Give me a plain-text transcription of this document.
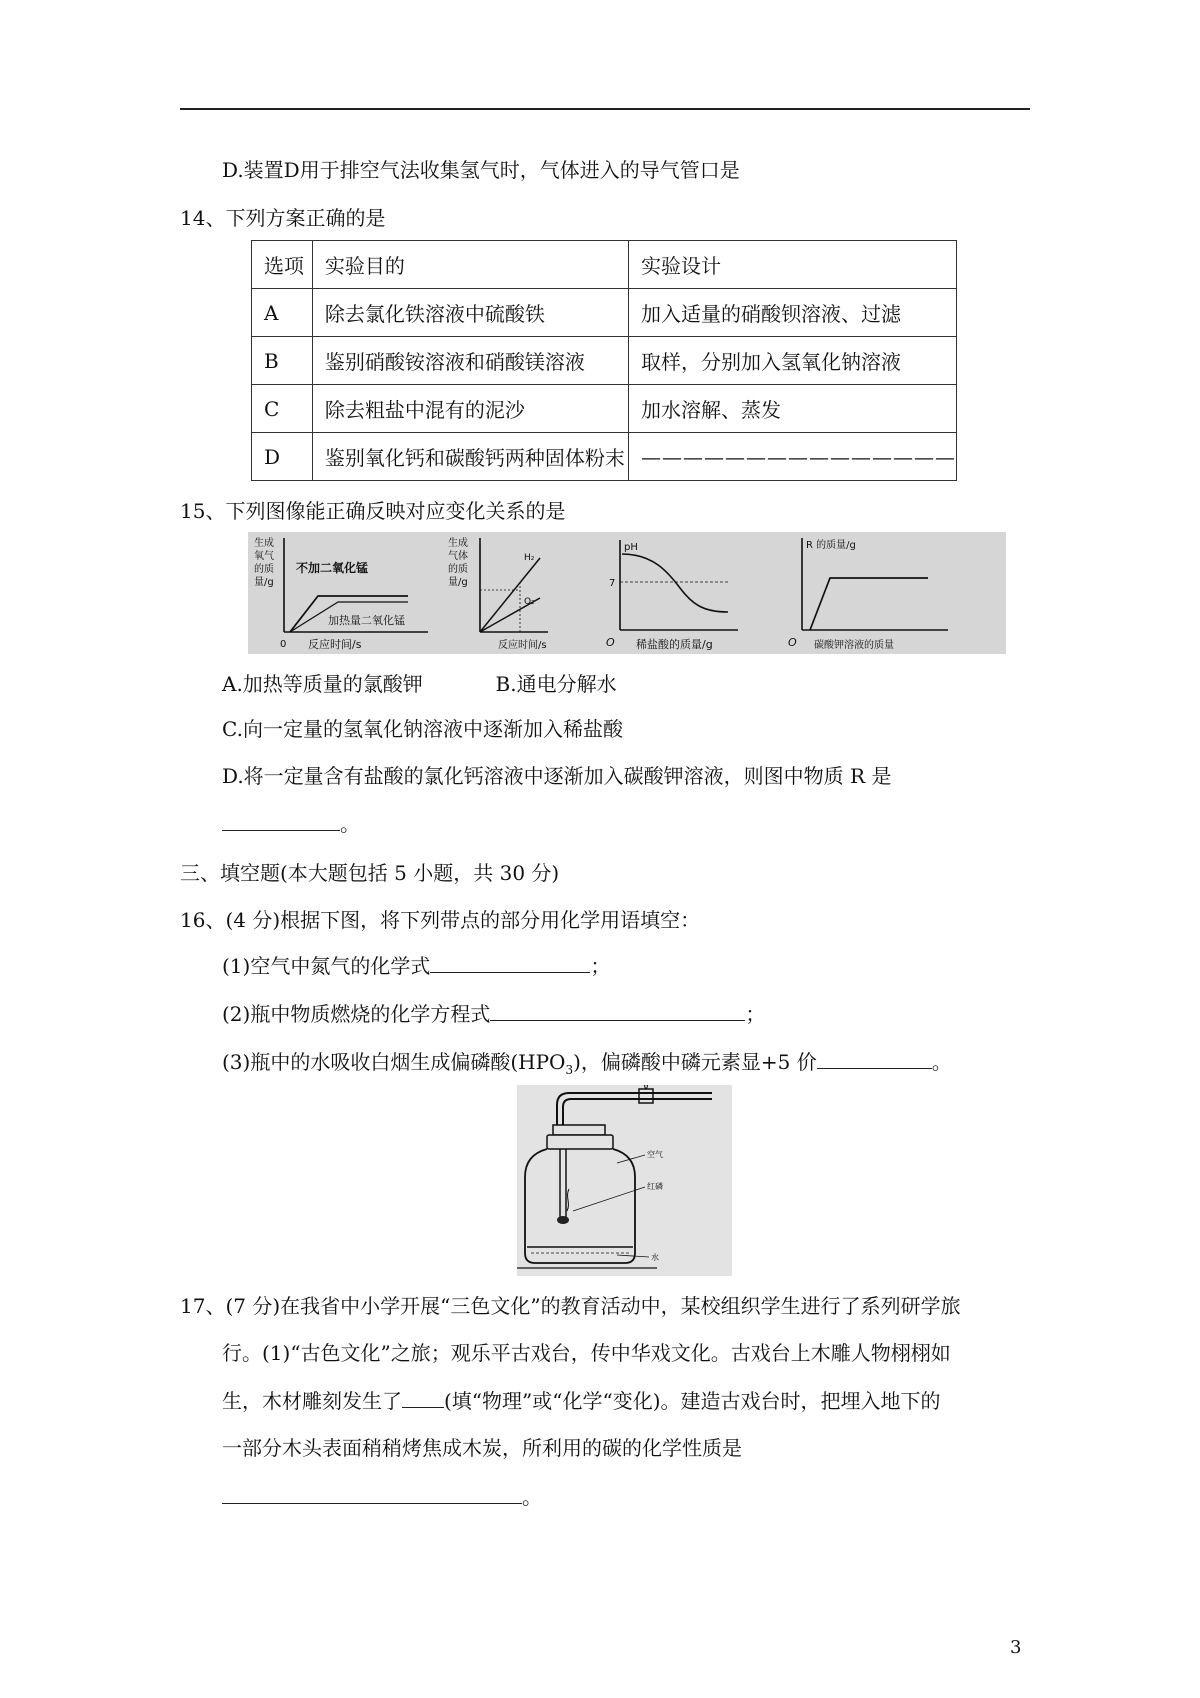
D.装置D用于排空气法收集氢气时，气体进入的导气管口是
14、下列方案正确的是
选项	实验目的	实验设计
A	除去氯化铁溶液中硫酸铁	加入适量的硝酸钡溶液、过滤
B	鉴别硝酸铵溶液和硝酸镁溶液	取样，分别加入氢氧化钠溶液
C	除去粗盐中混有的泥沙	加水溶解、蒸发
D	鉴别氧化钙和碳酸钙两种固体粉末	———————————————
15、下列图像能正确反映对应变化关系的是
生成
氧气
的质
量/g
不加二氧化锰
加热量二氧化锰
0 反应时间/s
生成
气体
的质
量/g
H₂
O₂
反应时间/s
pH
7
O 稀盐酸的质量/g
R 的质量/g
O 碳酸钾溶液的质量
A.加热等质量的氯酸钾	B.通电分解水
C.向一定量的氢氧化钠溶液中逐渐加入稀盐酸
D.将一定量含有盐酸的氯化钙溶液中逐渐加入碳酸钾溶液，则图中物质 R 是
。
三、填空题(本大题包括 5 小题，共 30 分)
16、(4 分)根据下图，将下列带点的部分用化学用语填空：
(1)空气中氮气的化学式	；
(2)瓶中物质燃烧的化学方程式	；
(3)瓶中的水吸收白烟生成偏磷酸$(HPO_3)$，偏磷酸中磷元素显+5 价	。
空气
红磷
水
17、(7 分)在我省中小学开展“三色文化”的教育活动中，某校组织学生进行了系列研学旅
行。(1)“古色文化”之旅；观乐平古戏台，传中华戏文化。古戏台上木雕人物栩栩如
生，木材雕刻发生了 (填“物理”或“化学“变化)。建造古戏台时，把埋入地下的
一部分木头表面稍稍烤焦成木炭，所利用的碳的化学性质是
。
3
